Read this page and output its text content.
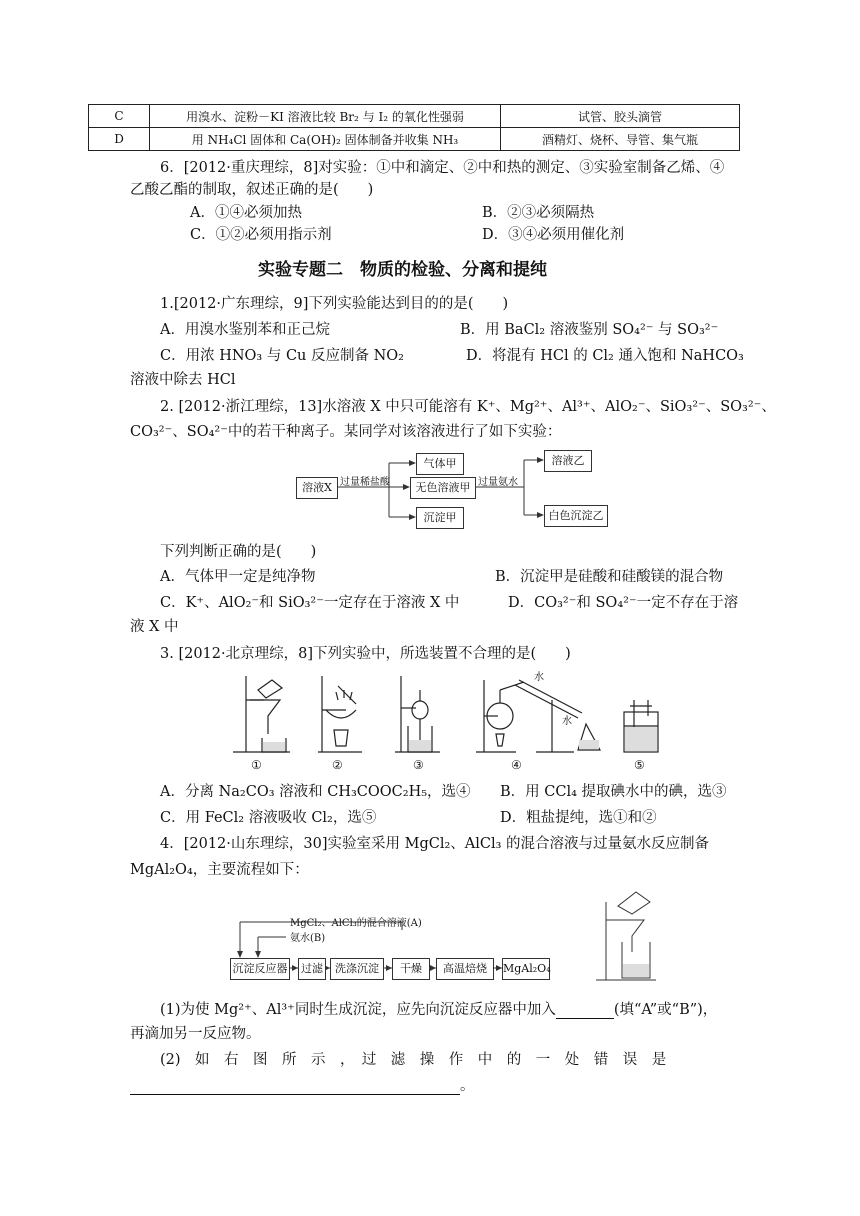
C	用溴水、淀粉－KI 溶液比较 Br₂ 与 I₂ 的氧化性强弱	试管、胶头滴管
D	用 NH₄Cl 固体和 Ca(OH)₂ 固体制备并收集 NH₃	酒精灯、烧杯、导管、集气瓶
6．[2012·重庆理综，8]对实验：①中和滴定、②中和热的测定、③实验室制备乙烯、④
乙酸乙酯的制取，叙述正确的是(　　)
A．①④必须加热	B．②③必须隔热
C．①②必须用指示剂	D．③④必须用催化剂
实验专题二　物质的检验、分离和提纯
1.[2012·广东理综，9]下列实验能达到目的的是(　　)
A．用溴水鉴别苯和正己烷	B．用 BaCl₂ 溶液鉴别 SO₄²⁻ 与 SO₃²⁻
C．用浓 HNO₃ 与 Cu 反应制备 NO₂	D．将混有 HCl 的 Cl₂ 通入饱和 NaHCO₃
溶液中除去 HCl
2. [2012·浙江理综，13]水溶液 X 中只可能溶有 K⁺、Mg²⁺、Al³⁺、AlO₂⁻、SiO₃²⁻、SO₃²⁻、
CO₃²⁻、SO₄²⁻中的若干种离子。某同学对该溶液进行了如下实验：
溶液X 过量稀盐酸
气体甲
无色溶液甲
沉淀甲
过量氨水
溶液乙
白色沉淀乙
下列判断正确的是(　　)
A．气体甲一定是纯净物	B．沉淀甲是硅酸和硅酸镁的混合物
C．K⁺、AlO₂⁻和 SiO₃²⁻一定存在于溶液 X 中	D．CO₃²⁻和 SO₄²⁻一定不存在于溶
液 X 中
3. [2012·北京理综，8]下列实验中，所选装置不合理的是(　　)
水
水
①	②	③	④	⑤
A．分离 Na₂CO₃ 溶液和 CH₃COOC₂H₅，选④ B．用 CCl₄ 提取碘水中的碘，选③
C．用 FeCl₂ 溶液吸收 Cl₂，选⑤	D．粗盐提纯，选①和②
4．[2012·山东理综，30]实验室采用 MgCl₂、AlCl₃ 的混合溶液与过量氨水反应制备
MgAl₂O₄，主要流程如下：
MgCl₂、AlCl₃的混合溶液(A)
氨水(B)
沉淀反应器 过滤	洗涤沉淀	干燥	高温焙烧	MgAl₂O₄
(1)为使 Mg²⁺、Al³⁺同时生成沉淀，应先向沉淀反应器中加入	(填“A”或“B”)，
再滴加另一反应物。
(2)　如　右　图　所　示　，　过　滤　操　作　中　的　一　处　错　误　是
。
